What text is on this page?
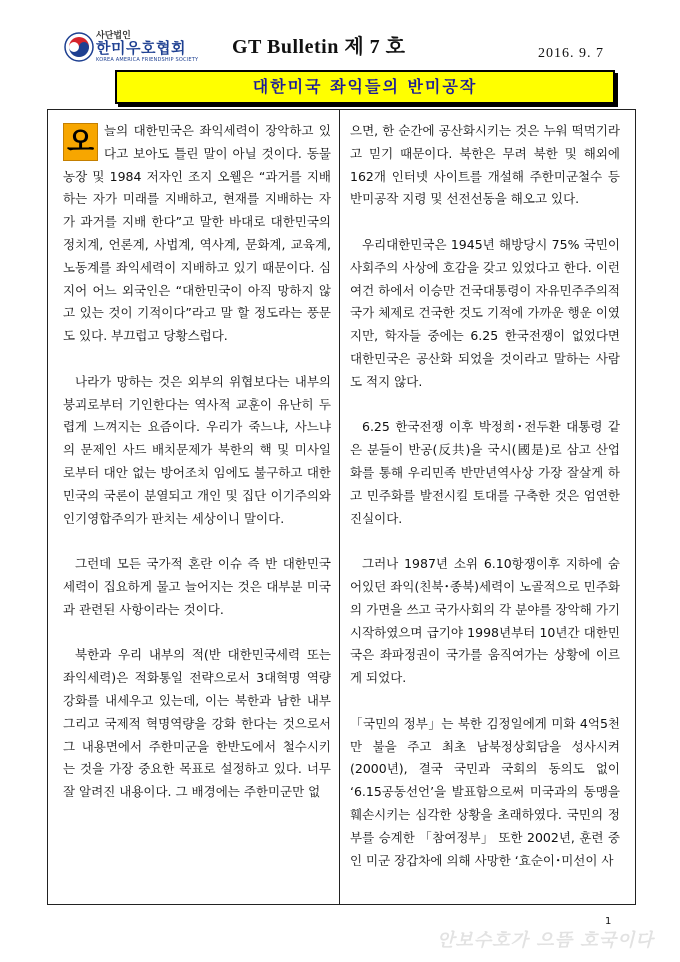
사단법인
한미우호협회
KOREA AMERICA FRIENDSHIP SOCIETY
GT Bulletin 제 7 호	2016. 9. 7
대한미국 좌익들의 반미공작

오 늘의 대한민국은 좌익세력이 장악하고 있다고 보아도 틀린 말이 아닐 것이다. 동물농장 및 1984 저자인 조지 오웰은 “과거를 지배하는 자가 미래를 지배하고, 현재를 지배하는 자가 과거를 지배 한다”고 말한 바대로 대한민국의 정치계, 언론계, 사법계, 역사계, 문화계, 교육계, 노동계를 좌익세력이 지배하고 있기 때문이다. 심지어 어느 외국인은 “대한민국이 아직 망하지 않고 있는 것이 기적이다”라고 말 할 정도라는 풍문도 있다. 부끄럽고 당황스럽다.

나라가 망하는 것은 외부의 위협보다는 내부의 붕괴로부터 기인한다는 역사적 교훈이 유난히 두렵게 느껴지는 요즘이다. 우리가 죽느냐, 사느냐의 문제인 사드 배치문제가 북한의 핵 및 미사일로부터 대안 없는 방어조치 임에도 불구하고 대한민국의 국론이 분열되고 개인 및 집단 이기주의와 인기영합주의가 판치는 세상이니 말이다.

그런데 모든 국가적 혼란 이슈 즉 반 대한민국세력이 집요하게 물고 늘어지는 것은 대부분 미국과 관련된 사항이라는 것이다.

북한과 우리 내부의 적(반 대한민국세력 또는 좌익세력)은 적화통일 전략으로서 3대혁명 역량강화를 내세우고 있는데, 이는 북한과 남한 내부 그리고 국제적 혁명역량을 강화 한다는 것으로서 그 내용면에서 주한미군을 한반도에서 철수시키는 것을 가장 중요한 목표로 설정하고 있다. 너무 잘 알려진 내용이다. 그 배경에는 주한미군만 없

으면, 한 순간에 공산화시키는 것은 누워 떡먹기라고 믿기 때문이다. 북한은 무려 북한 및 해외에 162개 인터넷 사이트를 개설해 주한미군철수 등 반미공작 지령 및 선전선동을 해오고 있다.

우리대한민국은 1945년 해방당시 75% 국민이 사회주의 사상에 호감을 갖고 있었다고 한다. 이런 여건 하에서 이승만 건국대통령이 자유민주주의적 국가 체제로 건국한 것도 기적에 가까운 행운 이였지만, 학자들 중에는 6.25 한국전쟁이 없었다면 대한민국은 공산화 되었을 것이라고 말하는 사람도 적지 않다.

6.25 한국전쟁 이후 박정희･전두환 대통령 같은 분들이 반공(反共)을 국시(國是)로 삼고 산업화를 통해 우리민족 반만년역사상 가장 잘살게 하고 민주화를 발전시킬 토대를 구축한 것은 엄연한 진실이다.

그러나 1987년 소위 6.10항쟁이후 지하에 숨어있던 좌익(친북･종북)세력이 노골적으로 민주화의 가면을 쓰고 국가사회의 각 분야를 장악해 가기 시작하였으며 급기야 1998년부터 10년간 대한민국은 좌파정권이 국가를 움직여가는 상황에 이르게 되었다.

「국민의 정부」는 북한 김정일에게 미화 4억5천만 불을 주고 최초 남북정상회담을 성사시켜(2000년), 결국 국민과 국회의 동의도 없이 ‘6.15공동선언’을 발표함으로써 미국과의 동맹을 훼손시키는 심각한 상황을 초래하였다. 국민의 정부를 승계한 「참여정부」 또한 2002년, 훈련 중인 미군 장갑차에 의해 사망한 ‘효순이･미선이 사

1
안보수호가 으뜸 호국이다
